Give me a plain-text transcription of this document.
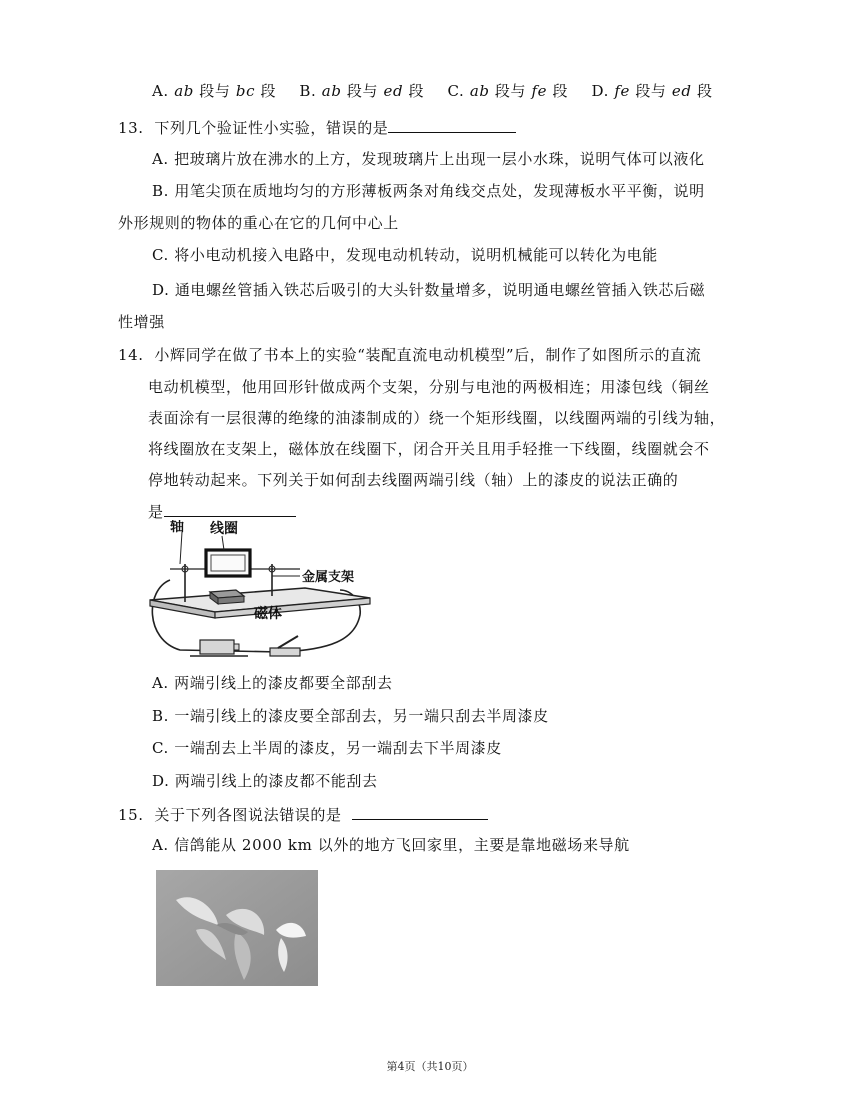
A. ab 段与 bc 段 B. ab 段与 ed 段 C. ab 段与 fe 段 D. fe 段与 ed 段
13. 下列几个验证性小实验，错误的是
A. 把玻璃片放在沸水的上方，发现玻璃片上出现一层小水珠，说明气体可以液化
B. 用笔尖顶在质地均匀的方形薄板两条对角线交点处，发现薄板水平平衡，说明
外形规则的物体的重心在它的几何中心上
C. 将小电动机接入电路中，发现电动机转动，说明机械能可以转化为电能
D. 通电螺丝管插入铁芯后吸引的大头针数量增多，说明通电螺丝管插入铁芯后磁
性增强
14. 小辉同学在做了书本上的实验“装配直流电动机模型”后，制作了如图所示的直流
电动机模型，他用回形针做成两个支架，分别与电池的两极相连；用漆包线（铜丝
表面涂有一层很薄的绝缘的油漆制成的）绕一个矩形线圈，以线圈两端的引线为轴，
将线圈放在支架上，磁体放在线圈下，闭合开关且用手轻推一下线圈，线圈就会不
停地转动起来。下列关于如何刮去线圈两端引线（轴）上的漆皮的说法正确的
是
轴 线圈
金属支架
磁体
A. 两端引线上的漆皮都要全部刮去
B. 一端引线上的漆皮要全部刮去，另一端只刮去半周漆皮
C. 一端刮去上半周的漆皮，另一端刮去下半周漆皮
D. 两端引线上的漆皮都不能刮去
15. 关于下列各图说法错误的是
A. 信鸽能从 2000 km 以外的地方飞回家里，主要是靠地磁场来导航
第4页（共10页）
